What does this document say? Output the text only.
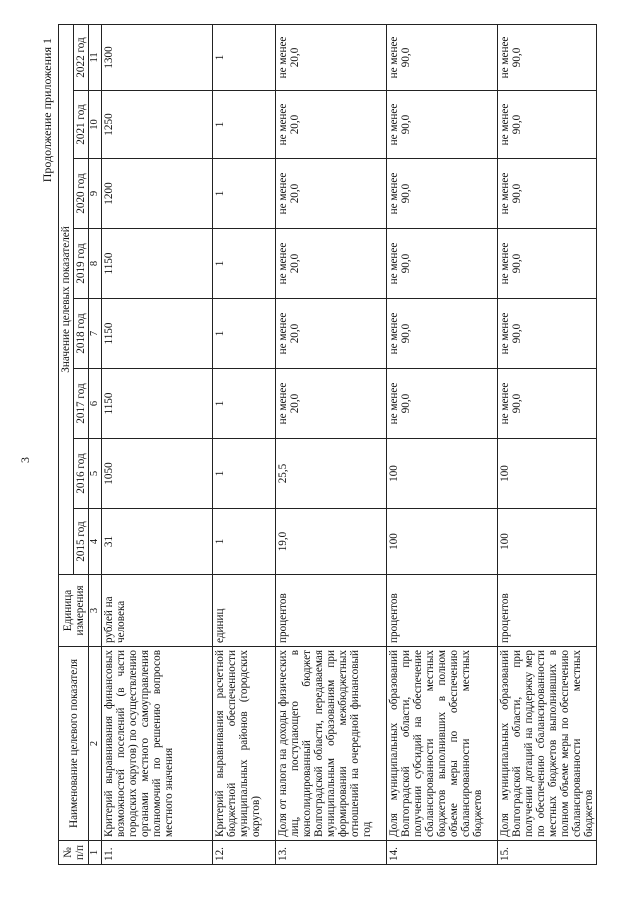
3
Продолжение приложения 1
№ п/п	Наименование целевого показателя	Единица измерения	Значение целевых показателей							
			2015 год	2016 год	2017 год	2018 год	2019 год	2020 год	2021 год	2022 год
1	2	3	4	5	6	7	8	9	10	11
11.	Критерий выравнивания финансовых возможностей поселений (в части городских округов) по осуществлению органами местного самоуправления полномочий по решению вопросов местного значения	рублей на человека	31	1050	1150	1150	1150	1200	1250	1300
12.	Критерий выравнивания расчетной бюджетной обеспеченности муниципальных районов (городских округов)	единиц	1	1	1	1	1	1	1	1
13.	Доля от налога на доходы физических лиц, поступающего в консолидированный бюджет Волгоградской области, передаваемая муниципальным образованиям при формировании межбюджетных отношений на очередной финансовый год	процентов	19,0	25,5	не менее 20,0	не менее 20,0	не менее 20,0	не менее 20,0	не менее 20,0	не менее 20,0
14.	Доля муниципальных образований Волгоградской области, при получении субсидий на обеспечение сбалансированности местных бюджетов выполнивших в полном объеме меры по обеспечению сбалансированности местных бюджетов	процентов	100	100	не менее 90,0	не менее 90,0	не менее 90,0	не менее 90,0	не менее 90,0	не менее 90,0
15.	Доля муниципальных образований Волгоградской области, при получении дотаций на поддержку мер по обеспечению сбалансированности местных бюджетов выполнивших в полном объеме меры по обеспечению сбалансированности местных бюджетов	процентов	100	100	не менее 90,0	не менее 90,0	не менее 90,0	не менее 90,0	не менее 90,0	не менее 90,0
